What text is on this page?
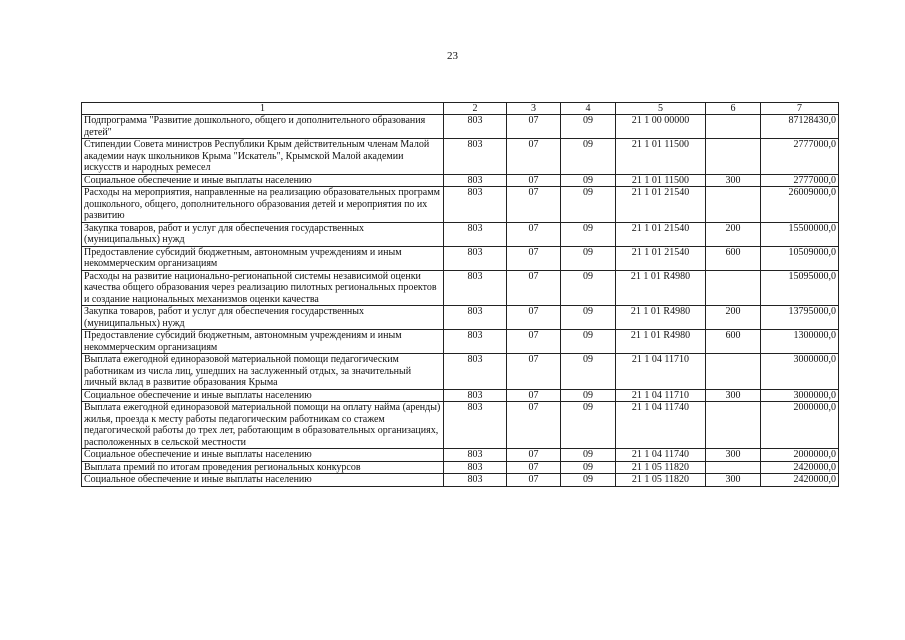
23
1	2	3	4	5	6	7
Подпрограмма "Развитие дошкольного, общего и дополнительного образования детей"	803	07	09	21 1 00 00000		87128430,0
Стипендии Совета министров Республики Крым действительным членам Малой академии наук школьников Крыма "Искатель", Крымской Малой академии искусств и народных ремесел	803	07	09	21 1 01 11500		2777000,0
Социальное обеспечение и иные выплаты населению	803	07	09	21 1 01 11500	300	2777000,0
Расходы на мероприятия, направленные на реализацию образовательных программ дошкольного, общего, дополнительного образования детей и мероприятия по их развитию	803	07	09	21 1 01 21540		26009000,0
Закупка товаров, работ и услуг для обеспечения государственных (муниципальных) нужд	803	07	09	21 1 01 21540	200	15500000,0
Предоставление субсидий бюджетным, автономным учреждениям и иным некоммерческим организациям	803	07	09	21 1 01 21540	600	10509000,0
Расходы на развитие национально-регионапьной системы независимой оценки качества общего образования через реализацию пилотных региональных проектов и создание национальных механизмов оценки качества	803	07	09	21 1 01 R4980		15095000,0
Закупка товаров, работ и услуг для обеспечения государственных (муниципальных) нужд	803	07	09	21 1 01 R4980	200	13795000,0
Предоставление субсидий бюджетным, автономным учреждениям и иным некоммерческим организациям	803	07	09	21 1 01 R4980	600	1300000,0
Выплата ежегодной единоразовой материальной помощи педагогическим работникам из числа лиц, ушедших на заслуженный отдых, за значительный личный вклад в развитие образования Крыма	803	07	09	21 1 04 11710		3000000,0
Социальное обеспечение и иные выплаты населению	803	07	09	21 1 04 11710	300	3000000,0
Выплата ежегодной единоразовой материальной помощи на оплату найма (аренды) жилья, проезда к месту работы педагогическим работникам со стажем педагогической работы до трех лет, работающим в образовательных организациях, расположенных в сельской местности	803	07	09	21 1 04 11740		2000000,0
Социальное обеспечение и иные выплаты населению	803	07	09	21 1 04 11740	300	2000000,0
Выплата премий по итогам проведения региональных конкурсов	803	07	09	21 1 05 11820		2420000,0
Социальное обеспечение и иные выплаты населению	803	07	09	21 1 05 11820	300	2420000,0
